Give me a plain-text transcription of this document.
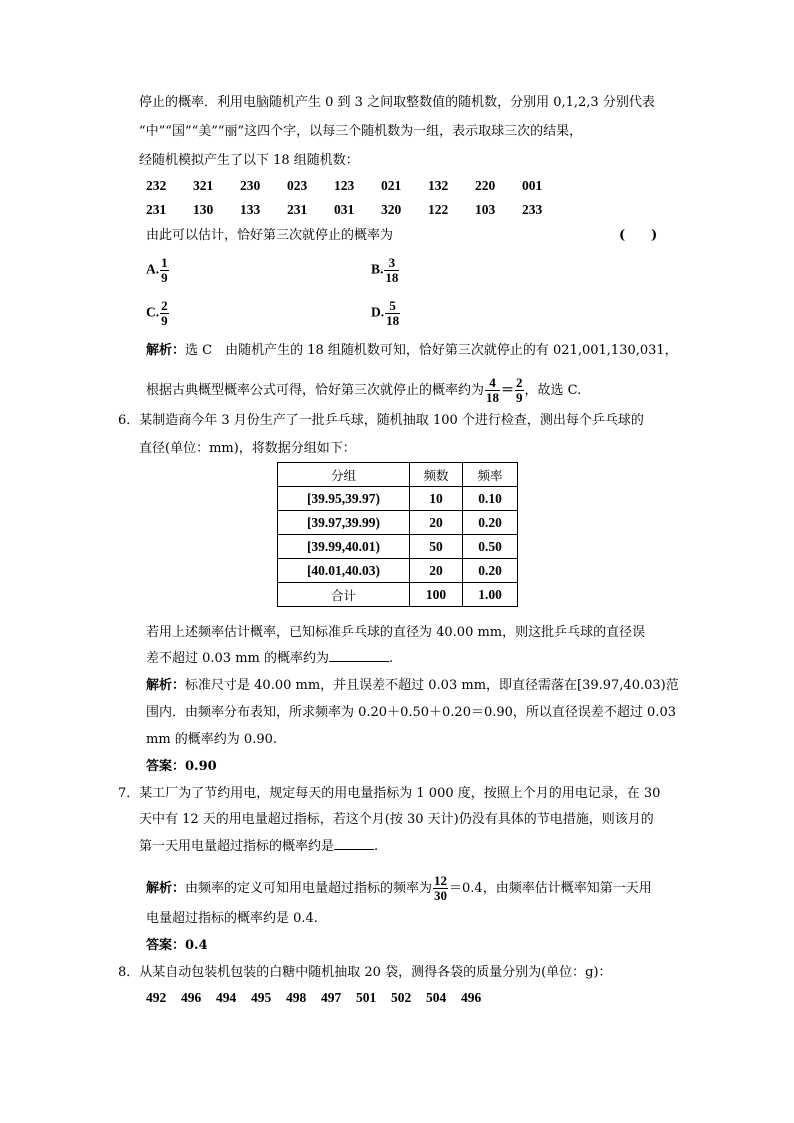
停止的概率．利用电脑随机产生 0 到 3 之间取整数值的随机数，分别用 0,1,2,3 分别代表
“中”“国”“美”“丽”这四个字，以每三个随机数为一组，表示取球三次的结果，
经随机模拟产生了以下 18 组随机数：
232 321 230 023 123 021 132 220 001
231 130 133 231 031 320 122 103 233
由此可以估计，恰好第三次就停止的概率为	(　　)
A. $\frac{1}{9}$	B. $\frac{3}{18}$
C. $\frac{2}{9}$	D. $\frac{5}{18}$
解析：选 C　由随机产生的 18 组随机数可知，恰好第三次就停止的有 021,001,130,031，
根据古典概型概率公式可得，恰好第三次就停止的概率约为 $\frac{4}{18} = \frac{2}{9}$ ，故选 C.
6．某制造商今年 3 月份生产了一批乒乓球，随机抽取 100 个进行检查，测出每个乒乓球的
直径(单位：mm)，将数据分组如下：
分组	频数	频率
[39.95,39.97)	10	0.10
[39.97,39.99)	20	0.20
[39.99,40.01)	50	0.50
[40.01,40.03)	20	0.20
合计	100	1.00
若用上述频率估计概率，已知标准乒乓球的直径为 40.00 mm，则这批乒乓球的直径误
差不超过 0.03 mm 的概率约为	.
解析：标准尺寸是 40.00 mm，并且误差不超过 0.03 mm，即直径需落在[39.97,40.03)范
围内．由频率分布表知，所求频率为 0.20＋0.50＋0.20＝0.90，所以直径误差不超过 0.03
mm 的概率约为 0.90.
答案：0.90
7．某工厂为了节约用电，规定每天的用电量指标为 1 000 度，按照上个月的用电记录，在 30
天中有 12 天的用电量超过指标，若这个月(按 30 天计)仍没有具体的节电措施，则该月的
第一天用电量超过指标的概率约是	.
解析：由频率的定义可知用电量超过指标的频率为 $\frac{12}{30} =0.4$，由频率估计概率知第一天用
电量超过指标的概率约是 0.4.
答案：0.4
8．从某自动包装机包装的白糖中随机抽取 20 袋，测得各袋的质量分别为(单位：g)：
492 496 494 495 498 497 501 502 504 496
